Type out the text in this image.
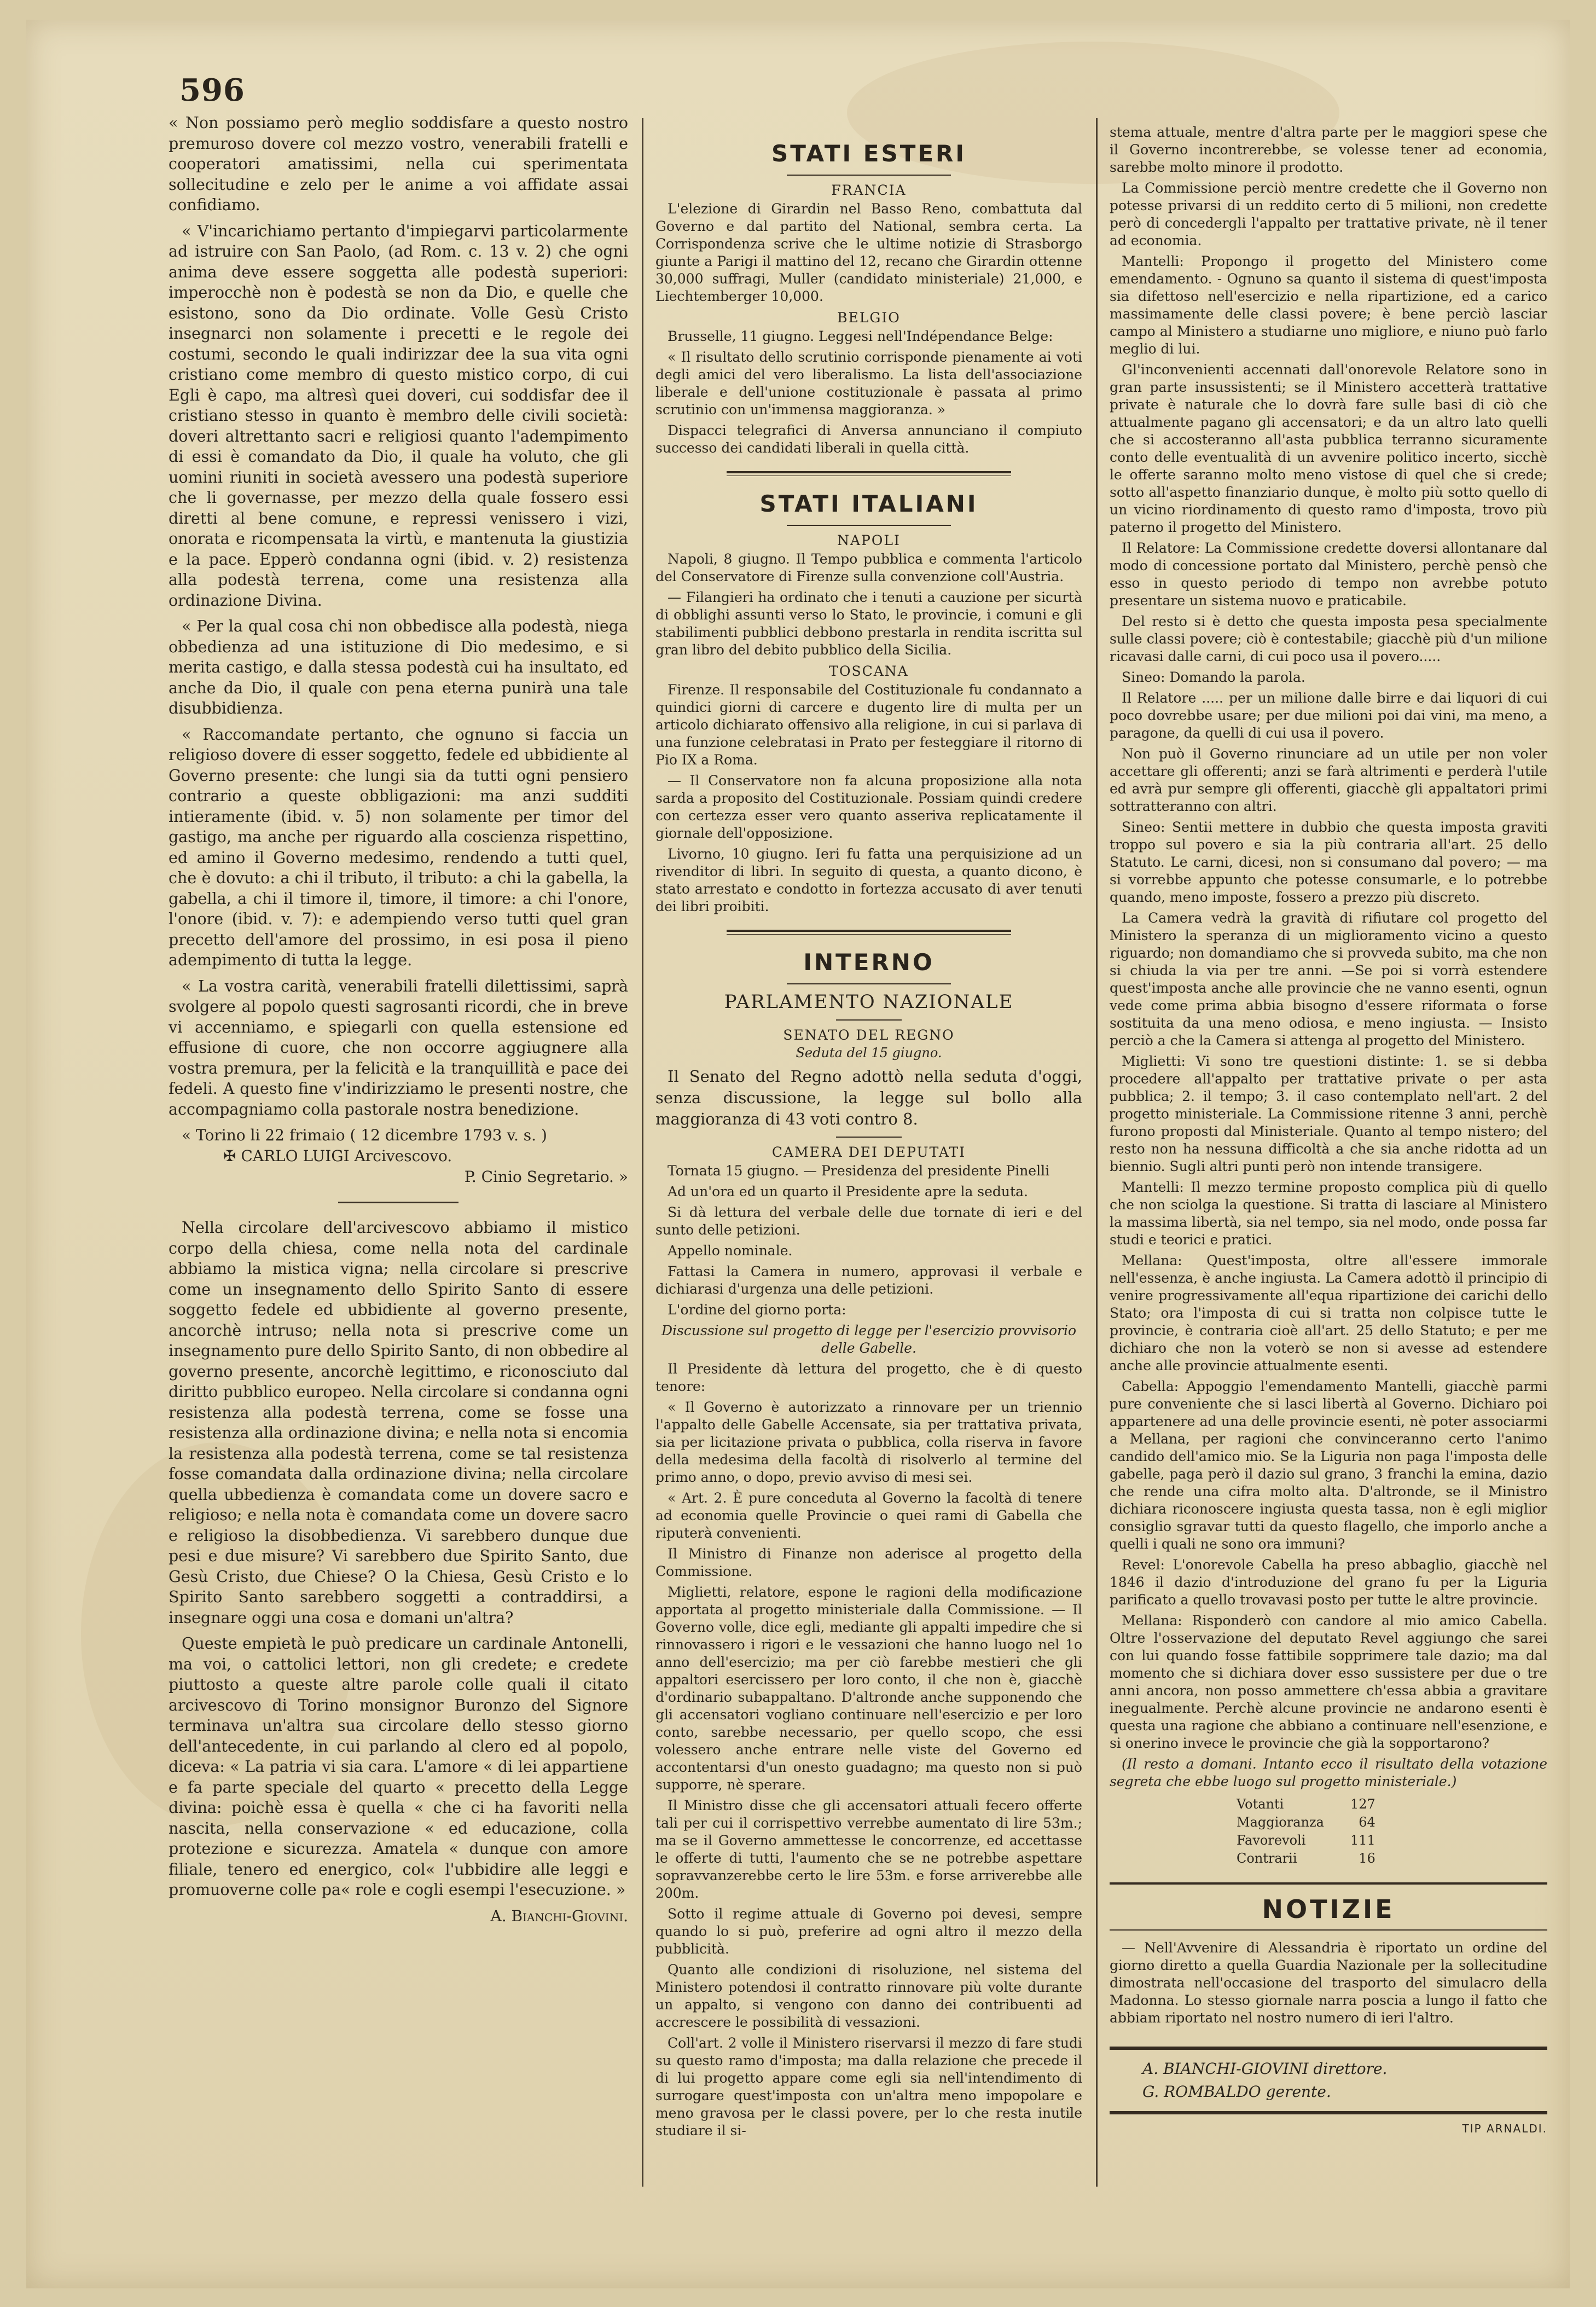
596

« Non possiamo però meglio soddisfare a questo nostro premuroso dovere col mezzo vostro, venerabili fratelli e cooperatori amatissimi, nella cui sperimentata sollecitudine e zelo per le anime a voi affidate assai confidiamo.

« V'incarichiamo pertanto d'impiegarvi particolarmente ad istruire con San Paolo, (ad Rom. c. 13 v. 2) che ogni anima deve essere soggetta alle podestà superiori: imperocchè non è podestà se non da Dio, e quelle che esistono, sono da Dio ordinate. Volle Gesù Cristo insegnarci non solamente i precetti e le regole dei costumi, secondo le quali indirizzar dee la sua vita ogni cristiano come membro di questo mistico corpo, di cui Egli è capo, ma altresì quei doveri, cui soddisfar dee il cristiano stesso in quanto è membro delle civili società: doveri altrettanto sacri e religiosi quanto l'adempimento di essi è comandato da Dio, il quale ha voluto, che gli uomini riuniti in società avessero una podestà superiore che li governasse, per mezzo della quale fossero essi diretti al bene comune, e repressi venissero i vizi, onorata e ricompensata la virtù, e mantenuta la giustizia e la pace. Epperò condanna ogni (ibid. v. 2) resistenza alla podestà terrena, come una resistenza alla ordinazione Divina.

« Per la qual cosa chi non obbedisce alla podestà, niega obbedienza ad una istituzione di Dio medesimo, e si merita castigo, e dalla stessa podestà cui ha insultato, ed anche da Dio, il quale con pena eterna punirà una tale disubbidienza.

« Raccomandate pertanto, che ognuno si faccia un religioso dovere di esser soggetto, fedele ed ubbidiente al Governo presente: che lungi sia da tutti ogni pensiero contrario a queste obbligazioni: ma anzi sudditi intieramente (ibid. v. 5) non solamente per timor del gastigo, ma anche per riguardo alla coscienza rispettino, ed amino il Governo medesimo, rendendo a tutti quel, che è dovuto: a chi il tributo, il tributo: a chi la gabella, la gabella, a chi il timore il, timore, il timore: a chi l'onore, l'onore (ibid. v. 7): e adempiendo verso tutti quel gran precetto dell'amore del prossimo, in esi posa il pieno adempimento di tutta la legge.

« La vostra carità, venerabili fratelli dilettissimi, saprà svolgere al popolo questi sagrosanti ricordi, che in breve vi accenniamo, e spiegarli con quella estensione ed effusione di cuore, che non occorre aggiugnere alla vostra premura, per la felicità e la tranquillità e pace dei fedeli. A questo fine v'indirizziamo le presenti nostre, che accompagniamo colla pastorale nostra benedizione.

« Torino li 22 frimaio ( 12 dicembre 1793 v. s. )
✠ CARLO LUIGI Arcivescovo.
P. Cinio Segretario. »

Nella circolare dell'arcivescovo abbiamo il mistico corpo della chiesa, come nella nota del cardinale abbiamo la mistica vigna; nella circolare si prescrive come un insegnamento dello Spirito Santo di essere soggetto fedele ed ubbidiente al governo presente, ancorchè intruso; nella nota si prescrive come un insegnamento pure dello Spirito Santo, di non obbedire al governo presente, ancorchè legittimo, e riconosciuto dal diritto pubblico europeo. Nella circolare si condanna ogni resistenza alla podestà terrena, come se fosse una resistenza alla ordinazione divina; e nella nota si encomia la resistenza alla podestà terrena, come se tal resistenza fosse comandata dalla ordinazione divina; nella circolare quella ubbedienza è comandata come un dovere sacro e religioso; e nella nota è comandata come un dovere sacro e religioso la disobbedienza. Vi sarebbero dunque due pesi e due misure? Vi sarebbero due Spirito Santo, due Gesù Cristo, due Chiese? O la Chiesa, Gesù Cristo e lo Spirito Santo sarebbero soggetti a contraddirsi, a insegnare oggi una cosa e domani un'altra?

Queste empietà le può predicare un cardinale Antonelli, ma voi, o cattolici lettori, non gli credete; e credete piuttosto a queste altre parole colle quali il citato arcivescovo di Torino monsignor Buronzo del Signore terminava un'altra sua circolare dello stesso giorno dell'antecedente, in cui parlando al clero ed al popolo, diceva: « La patria vi sia cara. L'amore « di lei appartiene e fa parte speciale del quarto « precetto della Legge divina: poichè essa è quella « che ci ha favoriti nella nascita, nella conservazione « ed educazione, colla protezione e sicurezza. Amatela « dunque con amore filiale, tenero ed energico, col« l'ubbidire alle leggi e promuoverne colle pa« role e cogli esempi l'esecuzione. »

A. Bianchi-Giovini.
STATI ESTERI
FRANCIA

L'elezione di Girardin nel Basso Reno, combattuta dal Governo e dal partito del National, sembra certa. La Corrispondenza scrive che le ultime notizie di Strasborgo giunte a Parigi il mattino del 12, recano che Girardin ottenne 30,000 suffragi, Muller (candidato ministeriale) 21,000, e Liechtemberger 10,000.

BELGIO

Brusselle, 11 giugno. Leggesi nell'Indépendance Belge:

« Il risultato dello scrutinio corrisponde pienamente ai voti degli amici del vero liberalismo. La lista dell'associazione liberale e dell'unione costituzionale è passata al primo scrutinio con un'immensa maggioranza. »

Dispacci telegrafici di Anversa annunciano il compiuto successo dei candidati liberali in quella città.

STATI ITALIANI
NAPOLI

Napoli, 8 giugno. Il Tempo pubblica e commenta l'articolo del Conservatore di Firenze sulla convenzione coll'Austria.

— Filangieri ha ordinato che i tenuti a cauzione per sicurtà di obblighi assunti verso lo Stato, le provincie, i comuni e gli stabilimenti pubblici debbono prestarla in rendita iscritta sul gran libro del debito pubblico della Sicilia.

TOSCANA

Firenze. Il responsabile del Costituzionale fu condannato a quindici giorni di carcere e dugento lire di multa per un articolo dichiarato offensivo alla religione, in cui si parlava di una funzione celebratasi in Prato per festeggiare il ritorno di Pio IX a Roma.

— Il Conservatore non fa alcuna proposizione alla nota sarda a proposito del Costituzionale. Possiam quindi credere con certezza esser vero quanto asseriva replicatamente il giornale dell'opposizione.

Livorno, 10 giugno. Ieri fu fatta una perquisizione ad un rivenditor di libri. In seguito di questa, a quanto dicono, è stato arrestato e condotto in fortezza accusato di aver tenuti dei libri proibiti.

INTERNO
PARLAMENTO NAZIONALE
SENATO DEL REGNO
Seduta del 15 giugno.

Il Senato del Regno adottò nella seduta d'oggi, senza discussione, la legge sul bollo alla maggioranza di 43 voti contro 8.

CAMERA DEI DEPUTATI

Tornata 15 giugno. — Presidenza del presidente Pinelli

Ad un'ora ed un quarto il Presidente apre la seduta.

Si dà lettura del verbale delle due tornate di ieri e del sunto delle petizioni.

Appello nominale.

Fattasi la Camera in numero, approvasi il verbale e dichiarasi d'urgenza una delle petizioni.

L'ordine del giorno porta:

Discussione sul progetto di legge per l'esercizio provvisorio delle Gabelle.

Il Presidente dà lettura del progetto, che è di questo tenore:

« Il Governo è autorizzato a rinnovare per un triennio l'appalto delle Gabelle Accensate, sia per trattativa privata, sia per licitazione privata o pubblica, colla riserva in favore della medesima della facoltà di risolverlo al termine del primo anno, o dopo, previo avviso di mesi sei.

« Art. 2. È pure conceduta al Governo la facoltà di tenere ad economia quelle Provincie o quei rami di Gabella che riputerà convenienti.

Il Ministro di Finanze non aderisce al progetto della Commissione.

Miglietti, relatore, espone le ragioni della modificazione apportata al progetto ministeriale dalla Commissione. — Il Governo volle, dice egli, mediante gli appalti impedire che si rinnovassero i rigori e le vessazioni che hanno luogo nel 1o anno dell'esercizio; ma per ciò farebbe mestieri che gli appaltori esercissero per loro conto, il che non è, giacchè d'ordinario subappaltano. D'altronde anche supponendo che gli accensatori vogliano continuare nell'esercizio e per loro conto, sarebbe necessario, per quello scopo, che essi volessero anche entrare nelle viste del Governo ed accontentarsi d'un onesto guadagno; ma questo non si può supporre, nè sperare.

Il Ministro disse che gli accensatori attuali fecero offerte tali per cui il corrispettivo verrebbe aumentato di lire 53m.; ma se il Governo ammettesse le concorrenze, ed accettasse le offerte di tutti, l'aumento che se ne potrebbe aspettare sopravvanzerebbe certo le lire 53m. e forse arriverebbe alle 200m.

Sotto il regime attuale di Governo poi devesi, sempre quando lo si può, preferire ad ogni altro il mezzo della pubblicità.

Quanto alle condizioni di risoluzione, nel sistema del Ministero potendosi il contratto rinnovare più volte durante un appalto, si vengono con danno dei contribuenti ad accrescere le possibilità di vessazioni.

Coll'art. 2 volle il Ministero riservarsi il mezzo di fare studi su questo ramo d'imposta; ma dalla relazione che precede il di lui progetto appare come egli sia nell'intendimento di surrogare quest'imposta con un'altra meno impopolare e meno gravosa per le classi povere, per lo che resta inutile studiare il si-

stema attuale, mentre d'altra parte per le maggiori spese che il Governo incontrerebbe, se volesse tener ad economia, sarebbe molto minore il prodotto.

La Commissione perciò mentre credette che il Governo non potesse privarsi di un reddito certo di 5 milioni, non credette però di concedergli l'appalto per trattative private, nè il tener ad economia.

Mantelli: Propongo il progetto del Ministero come emendamento. - Ognuno sa quanto il sistema di quest'imposta sia difettoso nell'esercizio e nella ripartizione, ed a carico massimamente delle classi povere; è bene perciò lasciar campo al Ministero a studiarne uno migliore, e niuno può farlo meglio di lui.

Gl'inconvenienti accennati dall'onorevole Relatore sono in gran parte insussistenti; se il Ministero accetterà trattative private è naturale che lo dovrà fare sulle basi di ciò che attualmente pagano gli accensatori; e da un altro lato quelli che si accosteranno all'asta pubblica terranno sicuramente conto delle eventualità di un avvenire politico incerto, sicchè le offerte saranno molto meno vistose di quel che si crede; sotto all'aspetto finanziario dunque, è molto più sotto quello di un vicino riordinamento di questo ramo d'imposta, trovo più paterno il progetto del Ministero.

Il Relatore: La Commissione credette doversi allontanare dal modo di concessione portato dal Ministero, perchè pensò che esso in questo periodo di tempo non avrebbe potuto presentare un sistema nuovo e praticabile.

Del resto si è detto che questa imposta pesa specialmente sulle classi povere; ciò è contestabile; giacchè più d'un milione ricavasi dalle carni, di cui poco usa il povero.....

Sineo: Domando la parola.

Il Relatore ..... per un milione dalle birre e dai liquori di cui poco dovrebbe usare; per due milioni poi dai vini, ma meno, a paragone, da quelli di cui usa il povero.

Non può il Governo rinunciare ad un utile per non voler accettare gli offerenti; anzi se farà altrimenti e perderà l'utile ed avrà pur sempre gli offerenti, giacchè gli appaltatori primi sottratteranno con altri.

Sineo: Sentii mettere in dubbio che questa imposta graviti troppo sul povero e sia la più contraria all'art. 25 dello Statuto. Le carni, dicesi, non si consumano dal povero; — ma si vorrebbe appunto che potesse consumarle, e lo potrebbe quando, meno imposte, fossero a prezzo più discreto.

La Camera vedrà la gravità di rifiutare col progetto del Ministero la speranza di un miglioramento vicino a questo riguardo; non domandiamo che si provveda subito, ma che non si chiuda la via per tre anni. —Se poi si vorrà estendere quest'imposta anche alle provincie che ne vanno esenti, ognun vede come prima abbia bisogno d'essere riformata o forse sostituita da una meno odiosa, e meno ingiusta. — Insisto perciò a che la Camera si attenga al progetto del Ministero.

Miglietti: Vi sono tre questioni distinte: 1. se si debba procedere all'appalto per trattative private o per asta pubblica; 2. il tempo; 3. il caso contemplato nell'art. 2 del progetto ministeriale. La Commissione ritenne 3 anni, perchè furono proposti dal Ministeriale. Quanto al tempo nistero; del resto non ha nessuna difficoltà a che sia anche ridotta ad un biennio. Sugli altri punti però non intende transigere.

Mantelli: Il mezzo termine proposto complica più di quello che non sciolga la questione. Si tratta di lasciare al Ministero la massima libertà, sia nel tempo, sia nel modo, onde possa far studi e teorici e pratici.

Mellana: Quest'imposta, oltre all'essere immorale nell'essenza, è anche ingiusta. La Camera adottò il principio di venire progressivamente all'equa ripartizione dei carichi dello Stato; ora l'imposta di cui si tratta non colpisce tutte le provincie, è contraria cioè all'art. 25 dello Statuto; e per me dichiaro che non la voterò se non si avesse ad estendere anche alle provincie attualmente esenti.

Cabella: Appoggio l'emendamento Mantelli, giacchè parmi pure conveniente che si lasci libertà al Governo. Dichiaro poi appartenere ad una delle provincie esenti, nè poter associarmi a Mellana, per ragioni che convinceranno certo l'animo candido dell'amico mio. Se la Liguria non paga l'imposta delle gabelle, paga però il dazio sul grano, 3 franchi la emina, dazio che rende una cifra molto alta. D'altronde, se il Ministro dichiara riconoscere ingiusta questa tassa, non è egli miglior consiglio sgravar tutti da questo flagello, che imporlo anche a quelli i quali ne sono ora immuni?

Revel: L'onorevole Cabella ha preso abbaglio, giacchè nel 1846 il dazio d'introduzione del grano fu per la Liguria parificato a quello trovavasi posto per tutte le altre provincie.

Mellana: Risponderò con candore al mio amico Cabella. Oltre l'osservazione del deputato Revel aggiungo che sarei con lui quando fosse fattibile sopprimere tale dazio; ma dal momento che si dichiara dover esso sussistere per due o tre anni ancora, non posso ammettere ch'essa abbia a gravitare inegualmente. Perchè alcune provincie ne andarono esenti è questa una ragione che abbiano a continuare nell'esenzione, e si onerino invece le provincie che già la sopportarono?

(Il resto a domani. Intanto ecco il risultato della votazione segreta che ebbe luogo sul progetto ministeriale.)

Votanti	127
Maggioranza	64
Favorevoli	111
Contrarii	16
NOTIZIE

— Nell'Avvenire di Alessandria è riportato un ordine del giorno diretto a quella Guardia Nazionale per la sollecitudine dimostrata nell'occasione del trasporto del simulacro della Madonna. Lo stesso giornale narra poscia a lungo il fatto che abbiam riportato nel nostro numero di ieri l'altro.

A. BIANCHI-GIOVINI direttore.
G. ROMBALDO gerente.
TIP ARNALDI.
